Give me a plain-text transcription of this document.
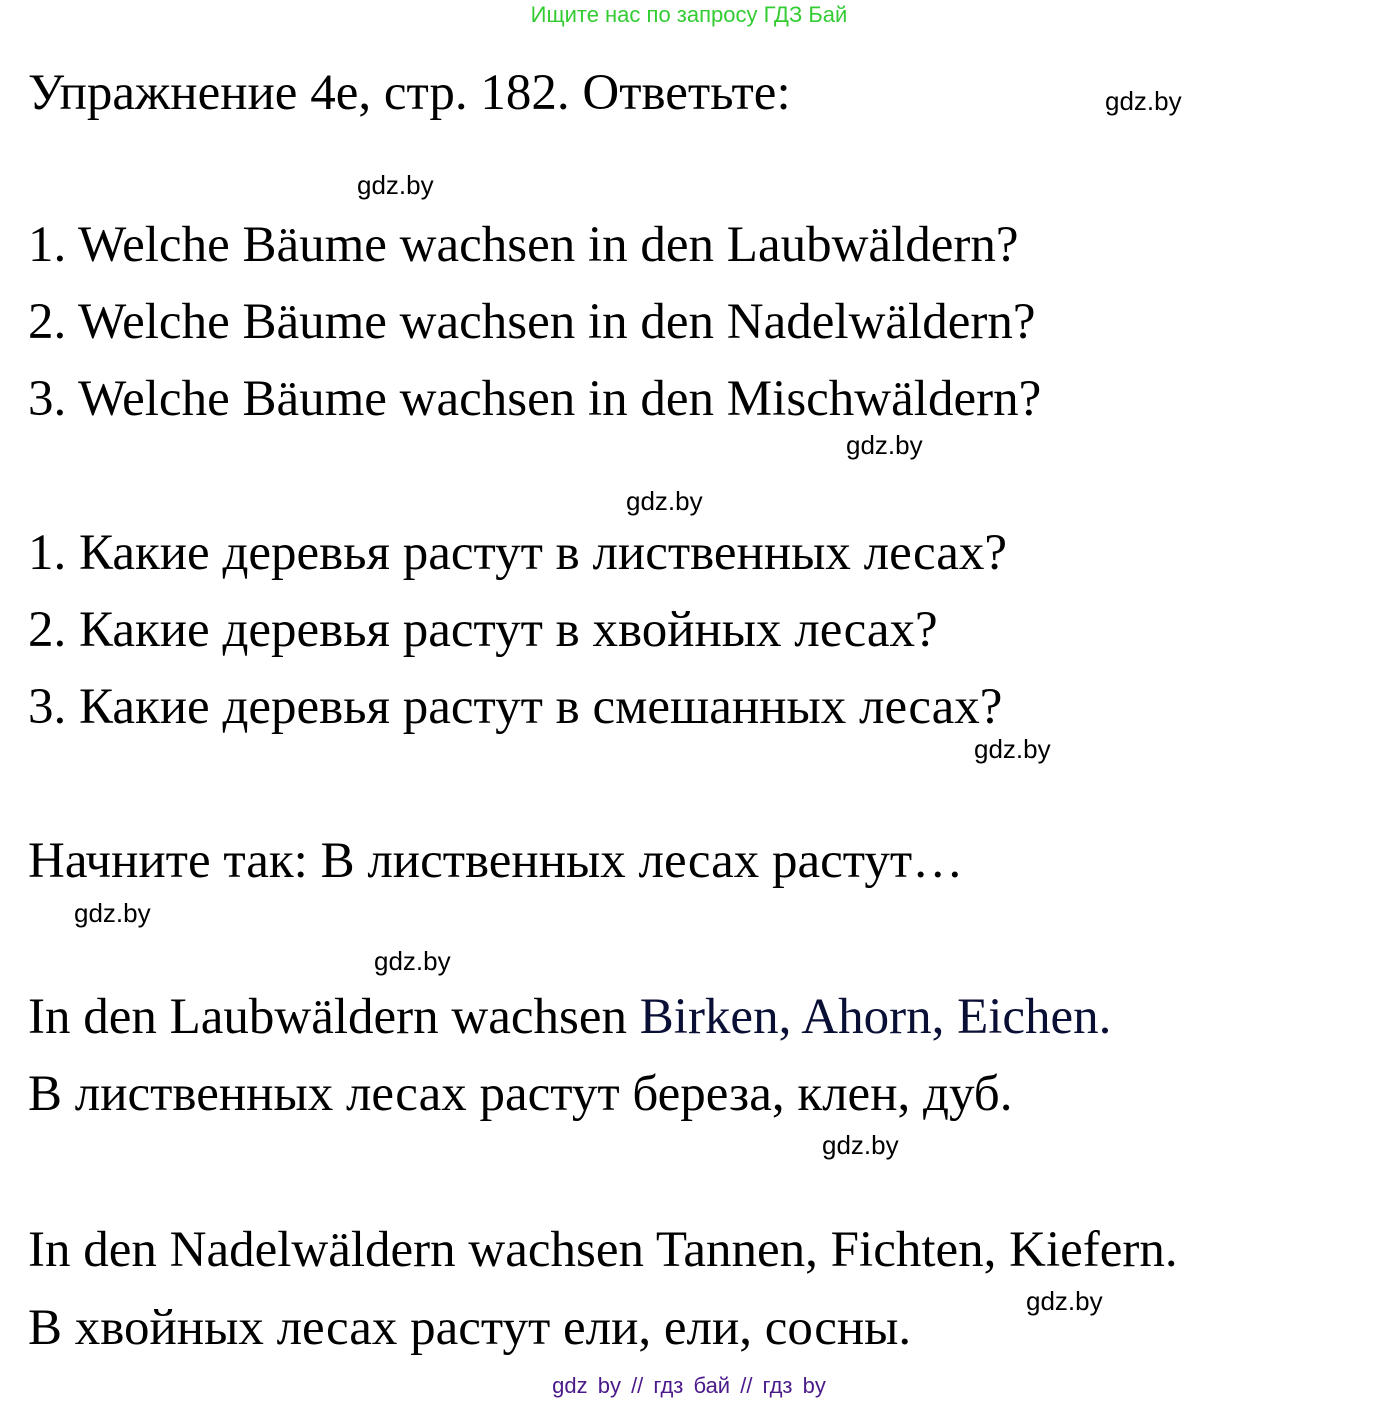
Ищите нас по запросу ГДЗ Бай
Упражнение 4е, стр. 182. Ответьте:	gdz.by
gdz.by
1. Welche Bäume wachsen in den Laubwäldern?
2. Welche Bäume wachsen in den Nadelwäldern?
3. Welche Bäume wachsen in den Mischwäldern?
gdz.by
gdz.by
1. Какие деревья растут в лиственных лесах?
2. Какие деревья растут в хвойных лесах?
3. Какие деревья растут в смешанных лесах?
gdz.by
Начните так: В лиственных лесах растут…
gdz.by
gdz.by
In den Laubwäldern wachsen Birken, Ahorn, Eichen.
В лиственных лесах растут береза, клен, дуб.
gdz.by
In den Nadelwäldern wachsen Tannen, Fichten, Kiefern.
gdz.by
В хвойных лесах растут ели, ели, сосны.
gdz by // гдз бай // гдз by
